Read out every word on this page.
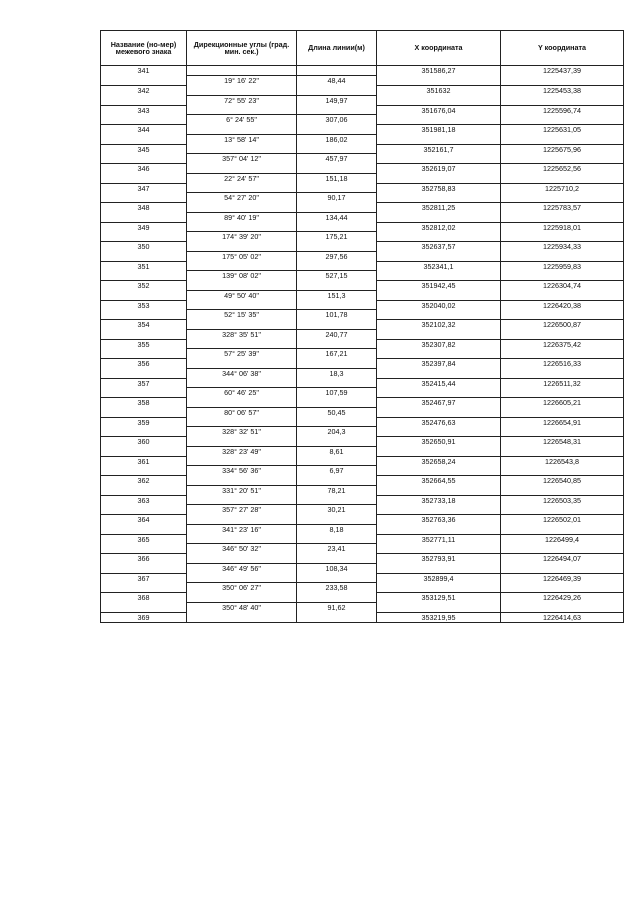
Название (но-мер) межевого знака	Дирекционные углы (град. мин. сек.)	Длина линии(м)	X координата	Y координата
341			351586,27	1225437,39
	19° 16' 22"	48,44		
342			351632	1225453,38
	72° 55' 23"	149,97		
343			351676,04	1225596,74
	6° 24' 55"	307,06		
344			351981,18	1225631,05
	13° 58' 14"	186,02		
345			352161,7	1225675,96
	357° 04' 12"	457,97		
346			352619,07	1225652,56
	22° 24' 57"	151,18		
347			352758,83	1225710,2
	54° 27' 20"	90,17		
348			352811,25	1225783,57
	89° 40' 19"	134,44		
349			352812,02	1225918,01
	174° 39' 20"	175,21		
350			352637,57	1225934,33
	175° 05' 02"	297,56		
351			352341,1	1225959,83
	139° 08' 02"	527,15		
352			351942,45	1226304,74
	49° 50' 40"	151,3		
353			352040,02	1226420,38
	52° 15' 35"	101,78		
354			352102,32	1226500,87
	328° 35' 51"	240,77		
355			352307,82	1226375,42
	57° 25' 39"	167,21		
356			352397,84	1226516,33
	344° 06' 38"	18,3		
357			352415,44	1226511,32
	60° 46' 25"	107,59		
358			352467,97	1226605,21
	80° 06' 57"	50,45		
359			352476,63	1226654,91
	328° 32' 51"	204,3		
360			352650,91	1226548,31
	328° 23' 49"	8,61		
361			352658,24	1226543,8
	334° 56' 36"	6,97		
362			352664,55	1226540,85
	331° 20' 51"	78,21		
363			352733,18	1226503,35
	357° 27' 28"	30,21		
364			352763,36	1226502,01
	341° 23' 16"	8,18		
365			352771,11	1226499,4
	346° 50' 32"	23,41		
366			352793,91	1226494,07
	346° 49' 56"	108,34		
367			352899,4	1226469,39
	350° 06' 27"	233,58		
368			353129,51	1226429,26
	350° 48' 40"	91,62		
369			353219,95	1226414,63
